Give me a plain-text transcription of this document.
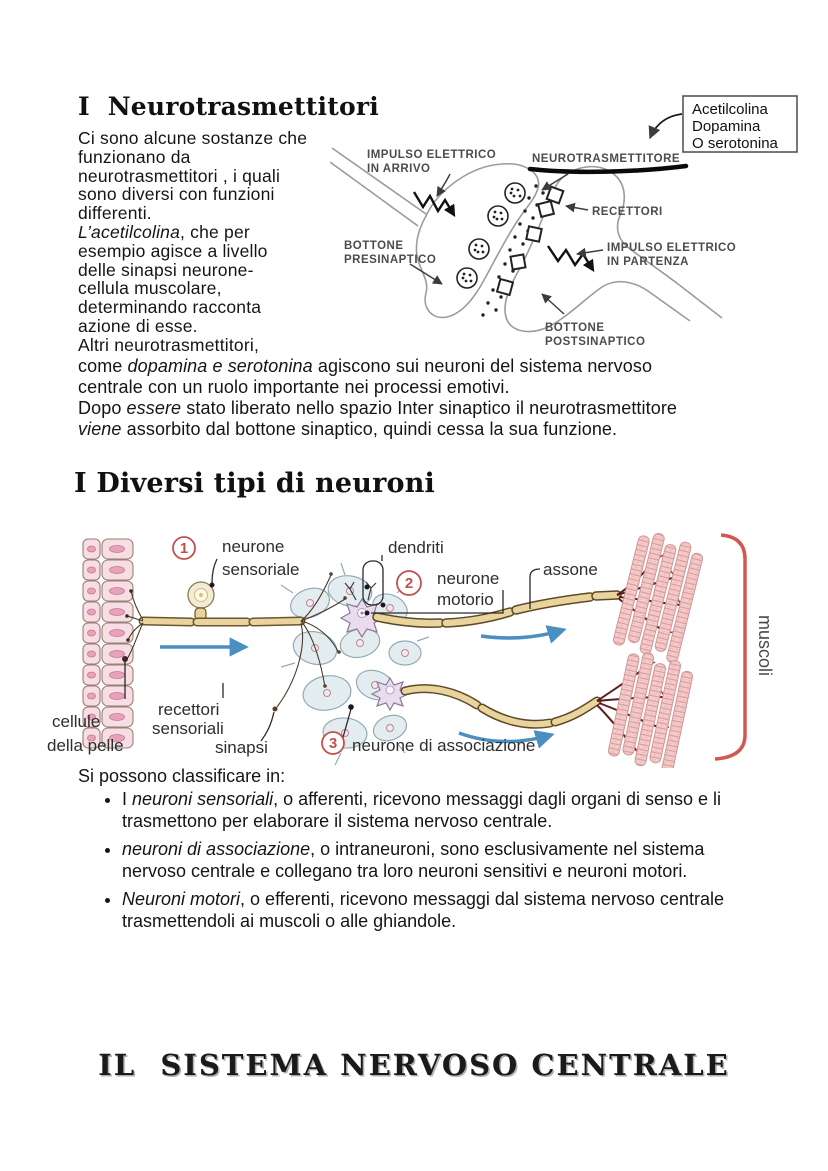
I  Neurotrasmettitori
Ci sono alcune sostanze che
funzionano da
neurotrasmettitori , i quali
sono diversi con funzioni
differenti.
L’acetilcolina, che per
esempio agisce a livello
delle sinapsi neurone-
cellula muscolare,
determinando racconta
azione di esse.
Altri neurotrasmettitori,
Acetilcolina
Dopamina
O serotonina
IMPULSO ELETTRICO
IN ARRIVO
NEUROTRASMETTITORE
RECETTORI
IMPULSO ELETTRICO
IN PARTENZA
BOTTONE
PRESINAPTICO
BOTTONE
POSTSINAPTICO
come dopamina e serotonina agiscono sui neuroni del sistema nervoso
centrale con un ruolo importante nei processi emotivi.
Dopo essere stato liberato nello spazio Inter sinaptico il neurotrasmettitore
viene assorbito dal bottone sinaptico, quindi cessa la sua funzione.
I Diversi tipi di neuroni
muscoli
1
2
3
neurone
sensoriale
dendriti
neurone
motorio
assone
recettori
sensoriali
cellule
della pelle	sinapsi	neurone di associazione
Si possono classificare in:
• I neuroni sensoriali, o afferenti, ricevono messaggi dagli organi di senso e li trasmettono per elaborare il sistema nervoso centrale.
• neuroni di associazione, o intraneuroni, sono esclusivamente nel sistema nervoso centrale e collegano tra loro neuroni sensitivi e neuroni motori.
• Neuroni motori, o efferenti, ricevono messaggi dal sistema nervoso centrale trasmettendoli ai muscoli o alle ghiandole.
IL  SISTEMA NERVOSO CENTRALE
